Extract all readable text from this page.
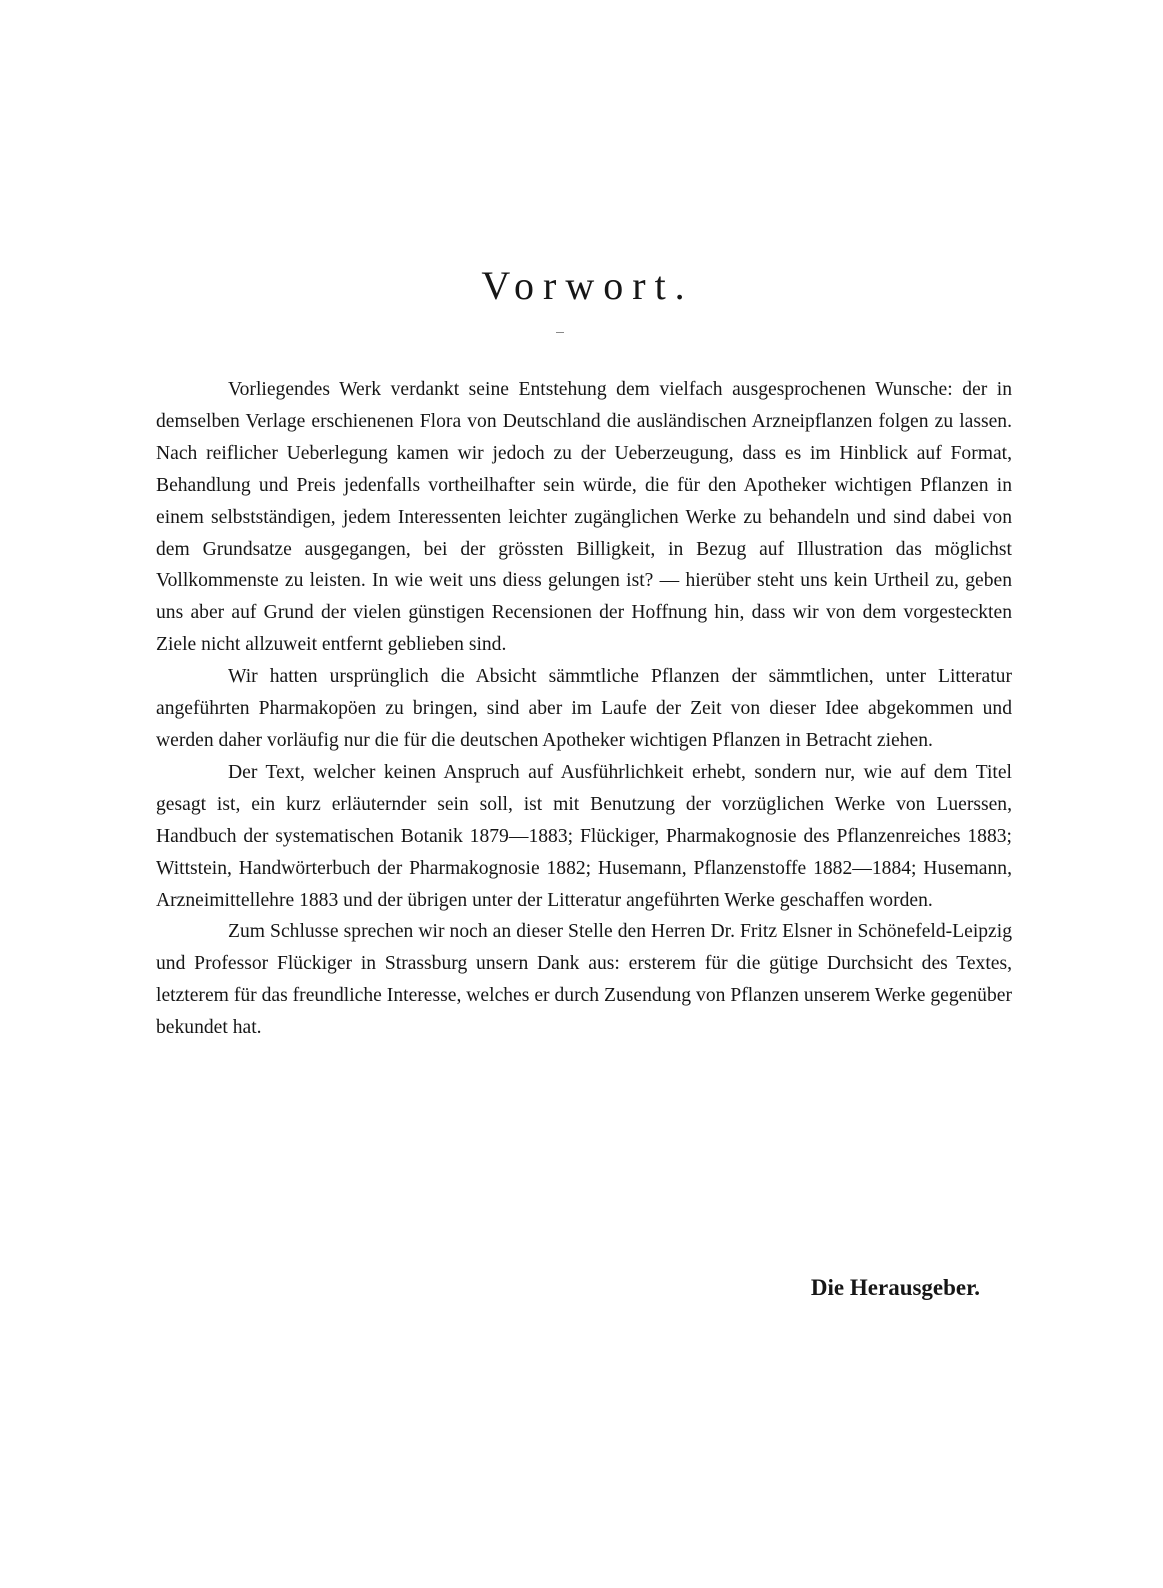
Vorwort.

Vorliegendes Werk verdankt seine Entstehung dem vielfach ausgesprochenen Wunsche: der in demselben Verlage erschienenen Flora von Deutschland die ausländischen Arzneipflanzen folgen zu lassen. Nach reiflicher Ueberlegung kamen wir jedoch zu der Ueberzeugung, dass es im Hinblick auf Format, Behandlung und Preis jedenfalls vortheilhafter sein würde, die für den Apotheker wichtigen Pflanzen in einem selbstständigen, jedem Interessenten leichter zugänglichen Werke zu behandeln und sind dabei von dem Grundsatze ausgegangen, bei der grössten Billigkeit, in Bezug auf Illustration das möglichst Vollkommenste zu leisten. In wie weit uns diess gelungen ist? — hierüber steht uns kein Urtheil zu, geben uns aber auf Grund der vielen günstigen Recensionen der Hoffnung hin, dass wir von dem vorgesteckten Ziele nicht allzuweit entfernt geblieben sind.

Wir hatten ursprünglich die Absicht sämmtliche Pflanzen der sämmtlichen, unter Litteratur angeführten Pharmakopöen zu bringen, sind aber im Laufe der Zeit von dieser Idee abgekommen und werden daher vorläufig nur die für die deutschen Apotheker wichtigen Pflanzen in Betracht ziehen.

Der Text, welcher keinen Anspruch auf Ausführlichkeit erhebt, sondern nur, wie auf dem Titel gesagt ist, ein kurz erläuternder sein soll, ist mit Benutzung der vorzüglichen Werke von Luerssen, Handbuch der systematischen Botanik 1879—1883; Flückiger, Pharmakognosie des Pflanzenreiches 1883; Wittstein, Handwörterbuch der Pharmakognosie 1882; Husemann, Pflanzenstoffe 1882—1884; Husemann, Arzneimittellehre 1883 und der übrigen unter der Litteratur angeführten Werke geschaffen worden.

Zum Schlusse sprechen wir noch an dieser Stelle den Herren Dr. Fritz Elsner in Schönefeld-Leipzig und Professor Flückiger in Strassburg unsern Dank aus: ersterem für die gütige Durchsicht des Textes, letzterem für das freundliche Interesse, welches er durch Zusendung von Pflanzen unserem Werke gegenüber bekundet hat.

Die Herausgeber.
